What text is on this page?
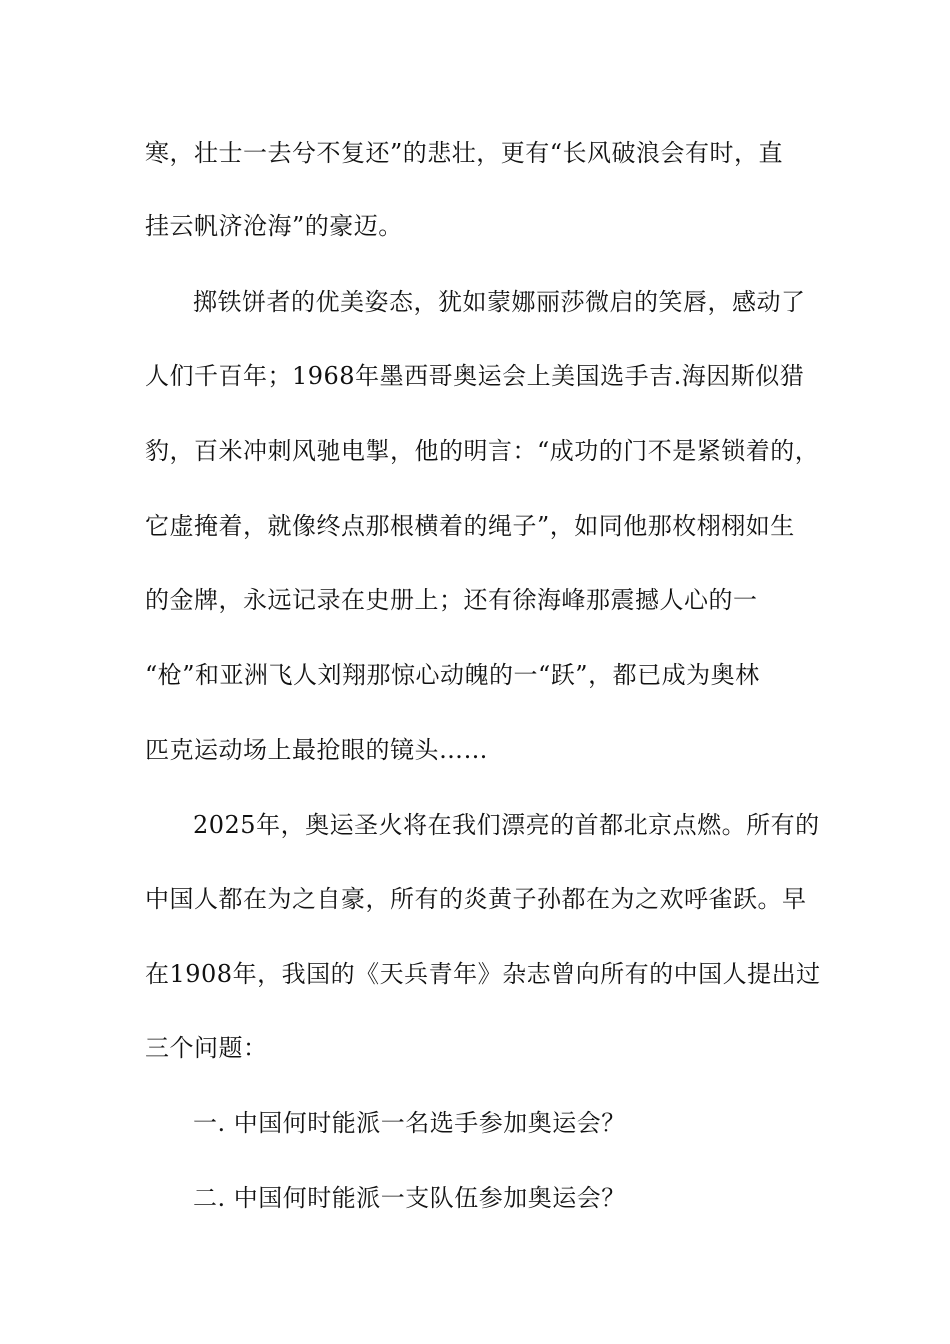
寒，壮士一去兮不复还”的悲壮，更有“长风破浪会有时，直
挂云帆济沧海”的豪迈。
掷铁饼者的优美姿态，犹如蒙娜丽莎微启的笑唇，感动了
人们千百年；1968年墨西哥奥运会上美国选手吉.海因斯似猎
豹，百米冲刺风驰电掣，他的明言：“成功的门不是紧锁着的，
它虚掩着，就像终点那根横着的绳子”，如同他那枚栩栩如生
的金牌，永远记录在史册上；还有徐海峰那震撼人心的一
“枪”和亚洲飞人刘翔那惊心动魄的一“跃”，都已成为奥林
匹克运动场上最抢眼的镜头……
2025年，奥运圣火将在我们漂亮的首都北京点燃。所有的
中国人都在为之自豪，所有的炎黄子孙都在为之欢呼雀跃。早
在1908年，我国的《天兵青年》杂志曾向所有的中国人提出过
三个问题：
一. 中国何时能派一名选手参加奥运会？
二. 中国何时能派一支队伍参加奥运会？
